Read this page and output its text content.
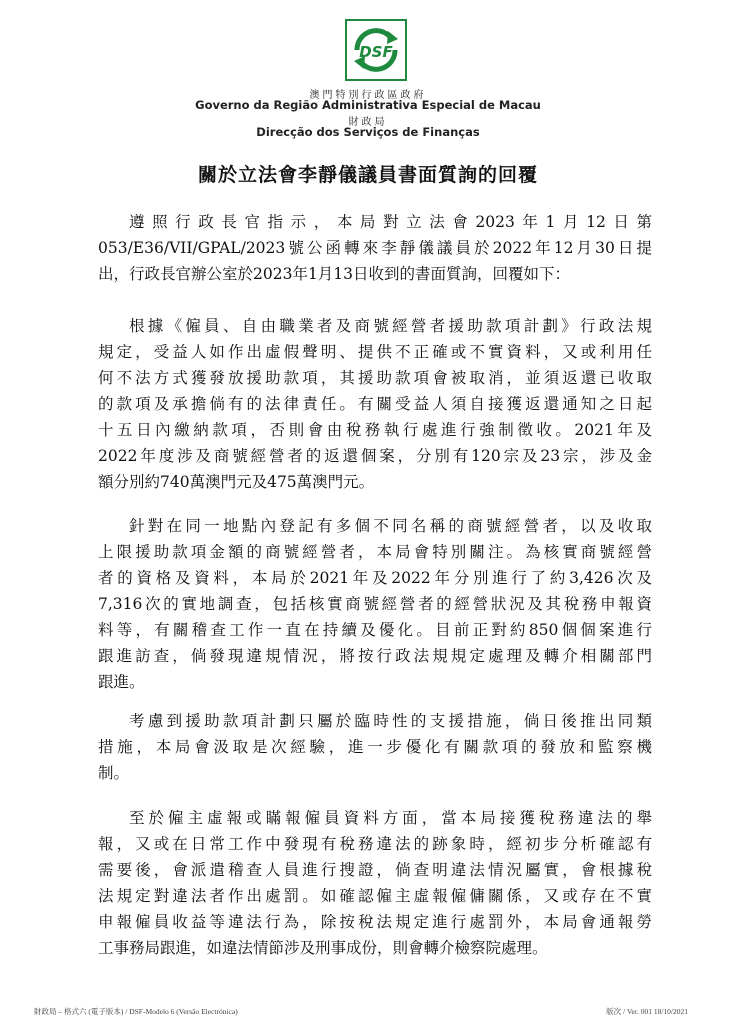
DSF
澳門特別行政區政府
Governo da Região Administrativa Especial de Macau
財政局
Direcção dos Serviços de Finanças
關於立法會李靜儀議員書面質詢的回覆
遵照行政長官指示，本局對立法會2023年1月12日第
053/E36/VII/GPAL/2023號公函轉來李靜儀議員於2022年12月30日提
出，行政長官辦公室於2023年1月13日收到的書面質詢，回覆如下：
根據《僱員、自由職業者及商號經營者援助款項計劃》行政法規
規定，受益人如作出虛假聲明、提供不正確或不實資料，又或利用任
何不法方式獲發放援助款項，其援助款項會被取消，並須返還已收取
的款項及承擔倘有的法律責任。有關受益人須自接獲返還通知之日起
十五日內繳納款項，否則會由稅務執行處進行強制徵收。2021年及
2022年度涉及商號經營者的返還個案，分別有120宗及23宗，涉及金
額分別約740萬澳門元及475萬澳門元。
針對在同一地點內登記有多個不同名稱的商號經營者，以及收取
上限援助款項金額的商號經營者，本局會特別關注。為核實商號經營
者的資格及資料，本局於2021年及2022年分別進行了約3,426次及
7,316次的實地調查，包括核實商號經營者的經營狀況及其稅務申報資
料等，有關稽查工作一直在持續及優化。目前正對約850個個案進行
跟進訪查，倘發現違規情況，將按行政法規規定處理及轉介相關部門
跟進。
考慮到援助款項計劃只屬於臨時性的支援措施，倘日後推出同類
措施，本局會汲取是次經驗，進一步優化有關款項的發放和監察機
制。
至於僱主虛報或瞞報僱員資料方面，當本局接獲稅務違法的舉
報，又或在日常工作中發現有稅務違法的跡象時，經初步分析確認有
需要後，會派遣稽查人員進行搜證，倘查明違法情況屬實，會根據稅
法規定對違法者作出處罰。如確認僱主虛報僱傭關係，又或存在不實
申報僱員收益等違法行為，除按稅法規定進行處罰外，本局會通報勞
工事務局跟進，如違法情節涉及刑事成份，則會轉介檢察院處理。
財政局 – 格式六 (電子版本) / DSF-Modelo 6 (Versão Electrónica)	版次 / Ver. 001 18/10/2021
